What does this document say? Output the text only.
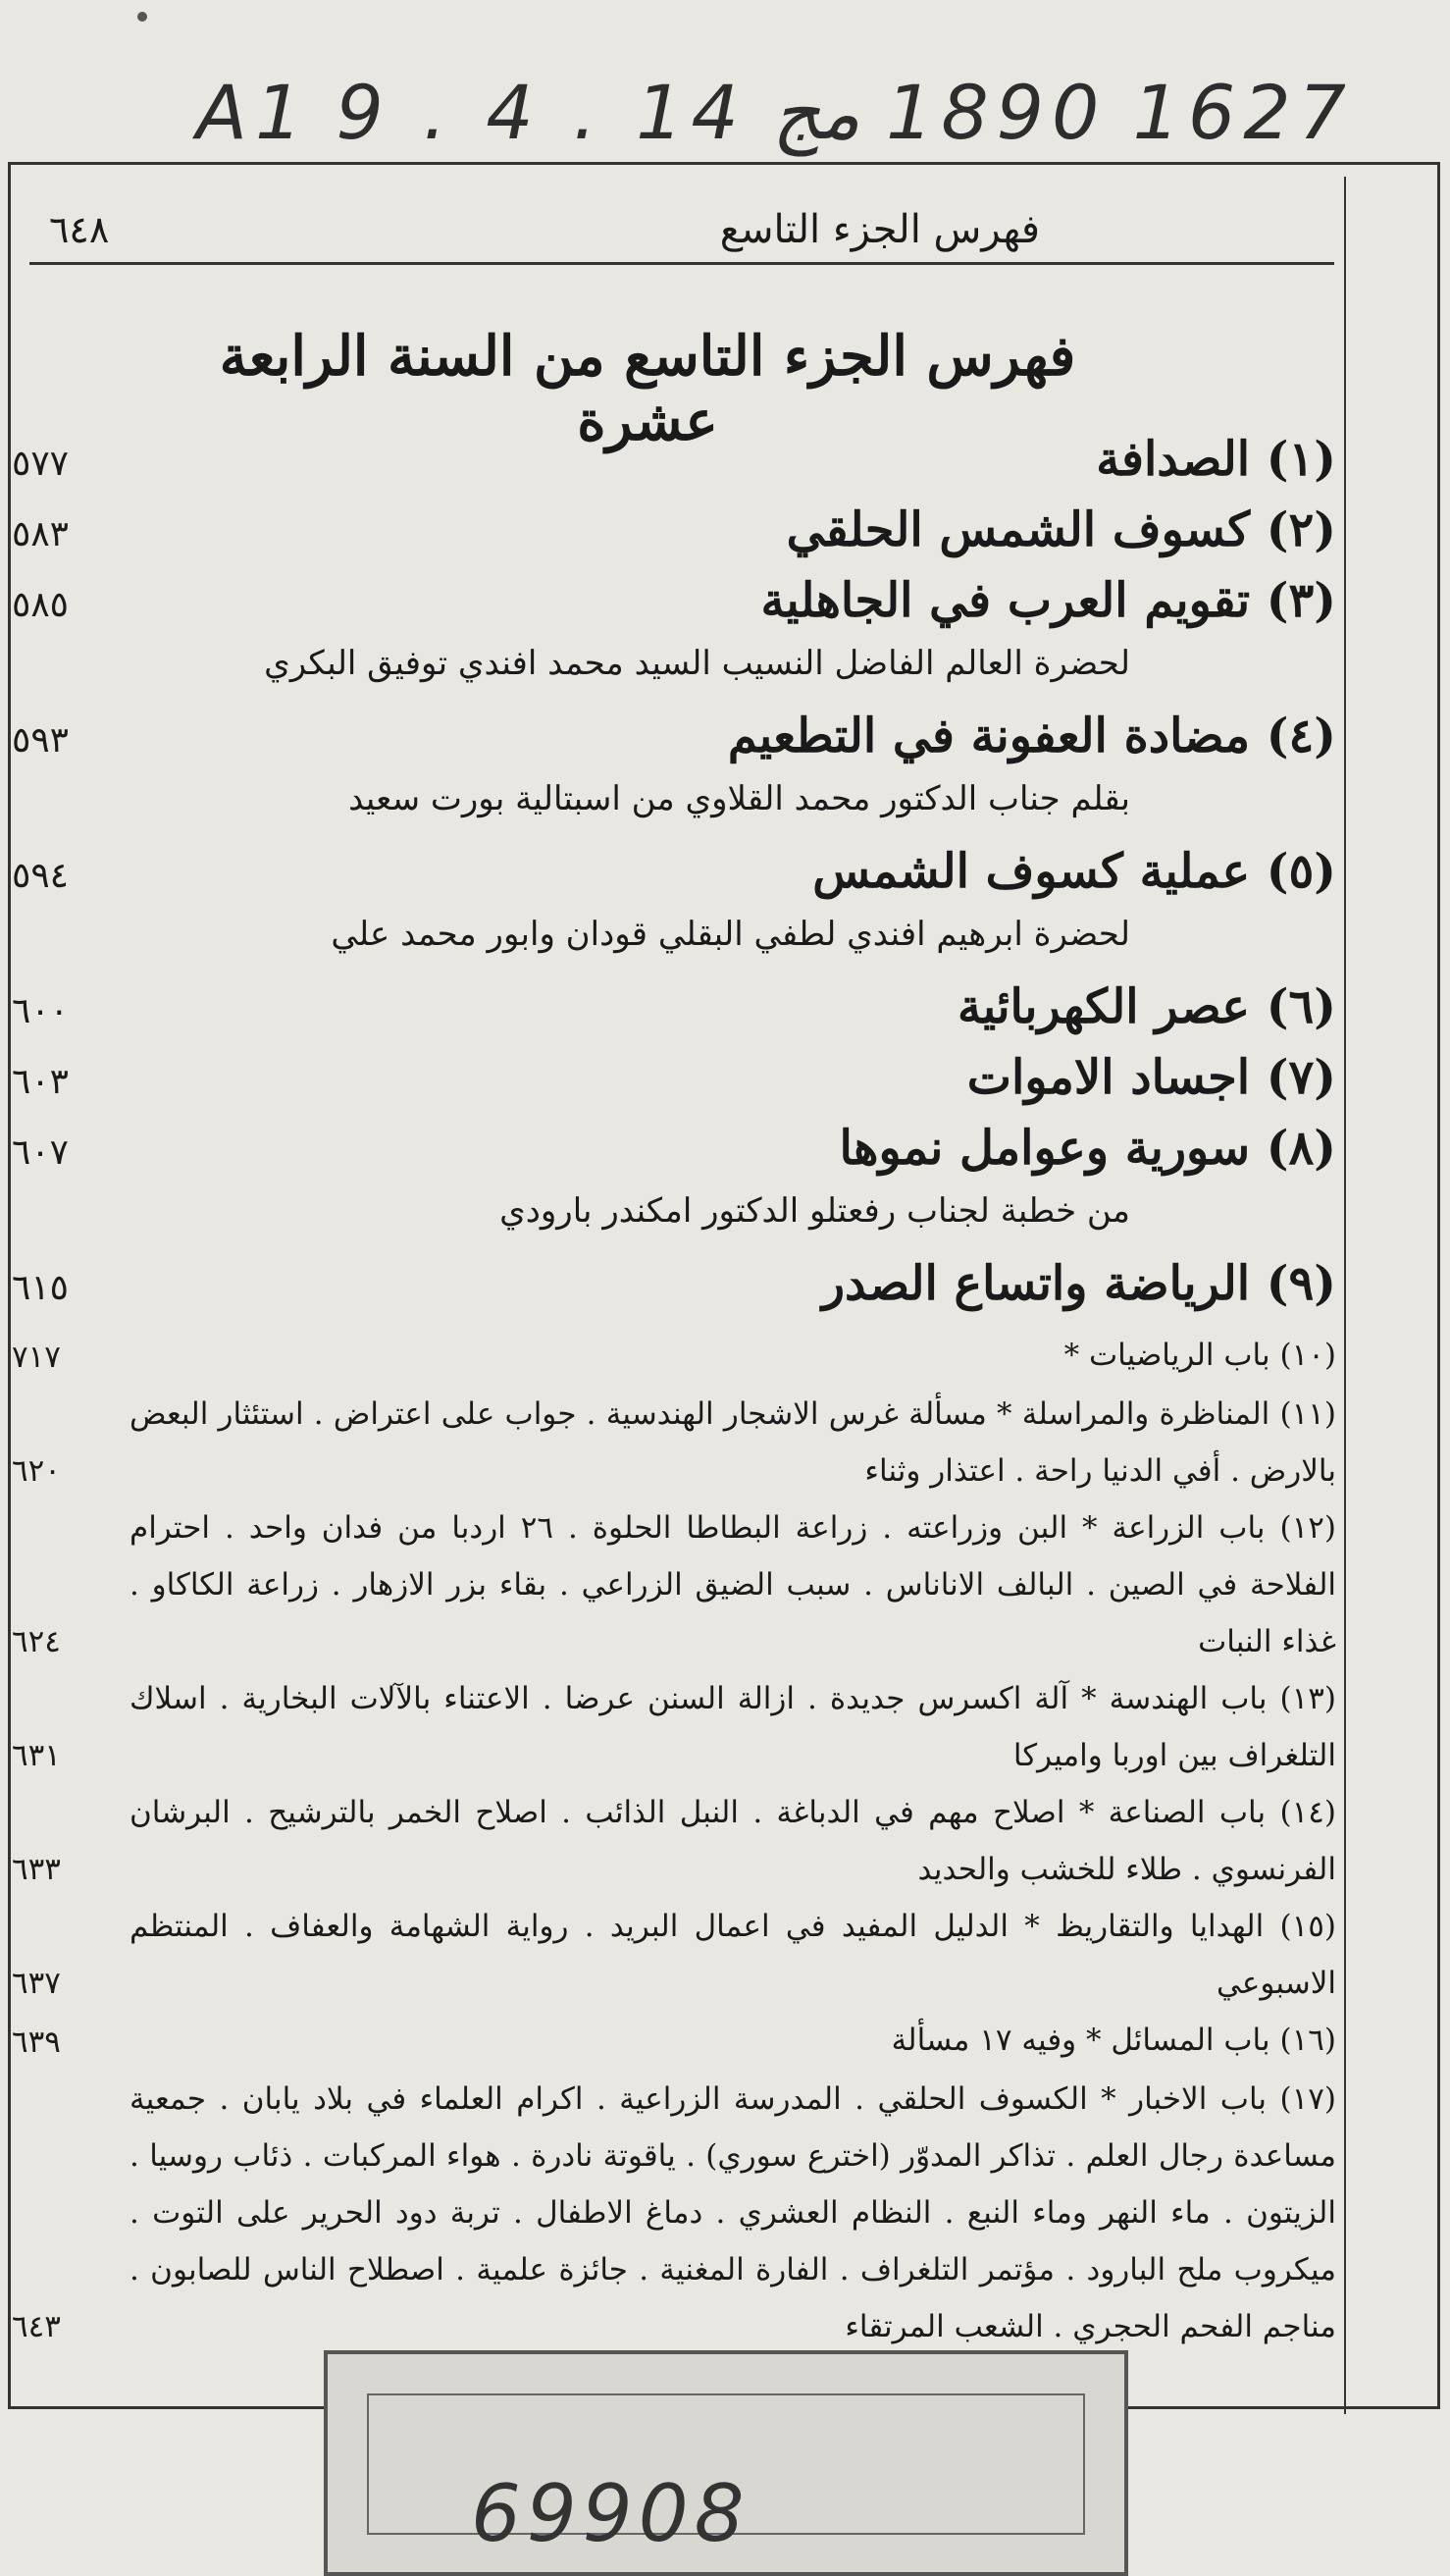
A1 9 . 4 . 14 مج 1890 1627
فهرس الجزء التاسع
٦٤٨
فهرس الجزء التاسع من السنة الرابعة عشرة
(١) الصدافة
٥٧٧
(٢) كسوف الشمس الحلقي
٥٨٣
(٣) تقويم العرب في الجاهلية
٥٨٥
لحضرة العالم الفاضل النسيب السيد محمد افندي توفيق البكري
(٤) مضادة العفونة في التطعيم
٥٩٣
بقلم جناب الدكتور محمد القلاوي من اسبتالية بورت سعيد
(٥) عملية كسوف الشمس
٥٩٤
لحضرة ابرهيم افندي لطفي البقلي قودان وابور محمد علي
(٦) عصر الكهربائية
٦٠٠
(٧) اجساد الاموات
٦٠٣
(٨) سورية وعوامل نموها
٦٠٧
من خطبة لجناب رفعتلو الدكتور امكندر بارودي
(٩) الرياضة واتساع الصدر
٦١٥
(١٠) باب الرياضيات *
٧١٧
(١١) المناظرة والمراسلة * مسألة غرس الاشجار الهندسية . جواب على اعتراض . استئثار البعض بالارض . أفي الدنيا راحة . اعتذار وثناء
٦٢٠
(١٢) باب الزراعة * البن وزراعته . زراعة البطاطا الحلوة . ٢٦ اردبا من فدان واحد . احترام الفلاحة في الصين . البالف الاناناس . سبب الضيق الزراعي . بقاء بزر الازهار . زراعة الكاكاو . غذاء النبات
٦٢٤
(١٣) باب الهندسة * آلة اكسرس جديدة . ازالة السنن عرضا . الاعتناء بالآلات البخارية . اسلاك التلغراف بين اوربا واميركا
٦٣١
(١٤) باب الصناعة * اصلاح مهم في الدباغة . النبل الذائب . اصلاح الخمر بالترشيح . البرشان الفرنسوي . طلاء للخشب والحديد
٦٣٣
(١٥) الهدايا والتقاريظ * الدليل المفيد في اعمال البريد . رواية الشهامة والعفاف . المنتظم الاسبوعي
٦٣٧
(١٦) باب المسائل * وفيه ١٧ مسألة
٦٣٩
(١٧) باب الاخبار * الكسوف الحلقي . المدرسة الزراعية . اكرام العلماء في بلاد يابان . جمعية مساعدة رجال العلم . تذاكر المدوّر (اخترع سوري) . ياقوتة نادرة . هواء المركبات . ذئاب روسيا . الزيتون . ماء النهر وماء النبع . النظام العشري . دماغ الاطفال . تربة دود الحرير على التوت . ميكروب ملح البارود . مؤتمر التلغراف . الفارة المغنية . جائزة علمية . اصطلاح الناس للصابون . مناجم الفحم الحجري . الشعب المرتقاء
٦٤٣
69908
